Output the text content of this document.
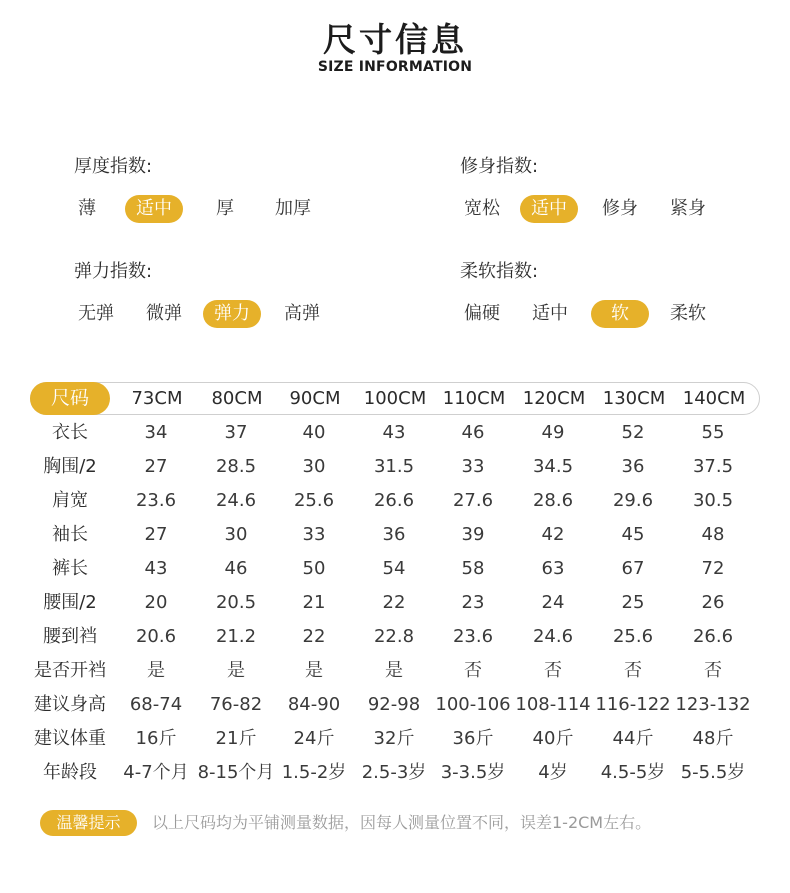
尺寸信息
SIZE INFORMATION
厚度指数:
薄	适中	厚 加厚
修身指数:
宽松	适中	修身 紧身
弹力指数:
无弹 微弹	弹力	高弹
柔软指数:
偏硬 适中	软	柔软
尺码	73CM	80CM	90CM	100CM 110CM 120CM 130CM 140CM
衣长	34	37	40	43	46	49	52	55
胸围/2	27	28.5	30	31.5	33	34.5	36	37.5
肩宽	23.6	24.6	25.6	26.6	27.6	28.6	29.6	30.5
袖长	27	30	33	36	39	42	45	48
裤长	43	46	50	54	58	63	67	72
腰围/2	20	20.5	21	22	23	24	25	26
腰到裆	20.6	21.2	22	22.8	23.6	24.6	25.6	26.6
是否开裆	是	是	是	是	否	否	否	否
建议身高	68-74	76-82	84-90	92-98 100-106 108-114 116-122 123-132
建议体重	16斤	21斤	24斤	32斤	36斤	40斤	44斤	48斤
年龄段	4-7个月 8-15个月 1.5-2岁 2.5-3岁 3-3.5岁	4岁	4.5-5岁 5-5.5岁
温馨提示	以上尺码均为平铺测量数据，因每人测量位置不同，误差1-2CM左右。
